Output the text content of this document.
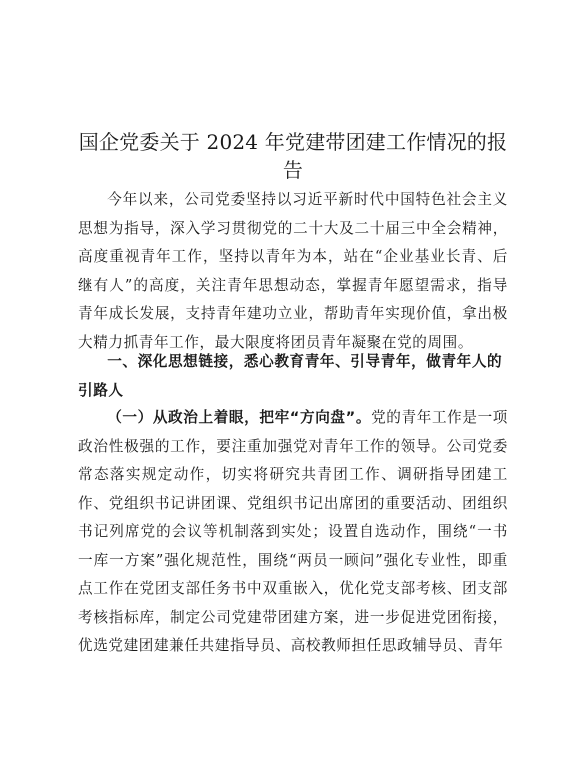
国企党委关于 2024 年党建带团建工作情况的报告

今年以来，公司党委坚持以习近平新时代中国特色社会主义思想为指导，深入学习贯彻党的二十大及二十届三中全会精神，高度重视青年工作，坚持以青年为本，站在“企业基业长青、后继有人”的高度，关注青年思想动态，掌握青年愿望需求，指导青年成长发展，支持青年建功立业，帮助青年实现价值，拿出极大精力抓青年工作，最大限度将团员青年凝聚在党的周围。

一、深化思想链接，悉心教育青年、引导青年，做青年人的引路人

（一）从政治上着眼，把牢“方向盘”。党的青年工作是一项政治性极强的工作，要注重加强党对青年工作的领导。公司党委常态落实规定动作，切实将研究共青团工作、调研指导团建工作、党组织书记讲团课、党组织书记出席团的重要活动、团组织书记列席党的会议等机制落到实处；设置自选动作，围绕“一书一库一方案”强化规范性，围绕“两员一顾问”强化专业性，即重点工作在党团支部任务书中双重嵌入，优化党支部考核、团支部考核指标库，制定公司党建带团建方案，进一步促进党团衔接，优选党建团建兼任共建指导员、高校教师担任思政辅导员、青年
